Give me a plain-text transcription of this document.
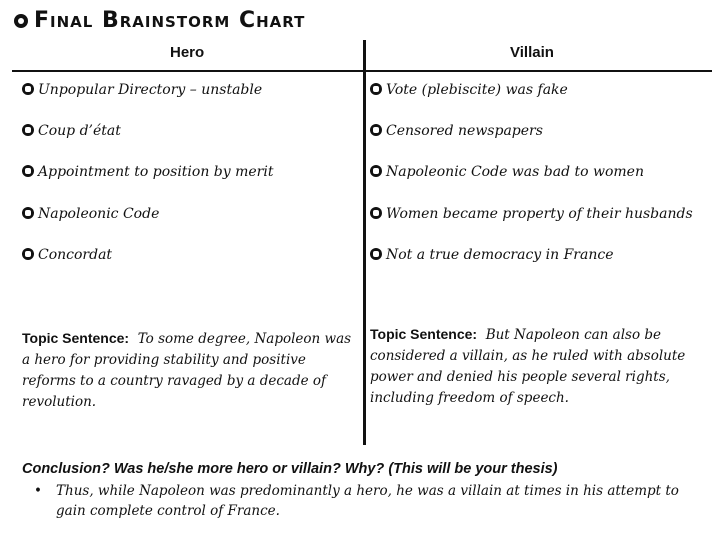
Final Brainstorm Chart
Hero	Villain
Unpopular Directory – unstable
Coup d’état
Appointment to position by merit
Napoleonic Code
Concordat
Vote (plebiscite) was fake
Censored newspapers
Napoleonic Code was bad to women
Women became property of their husbands
Not a true democracy in France
Topic Sentence: To some degree, Napoleon was a hero for providing stability and positive reforms to a country ravaged by a decade of revolution.
Topic Sentence: But Napoleon can also be considered a villain, as he ruled with absolute power and denied his people several rights, including freedom of speech.
Conclusion? Was he/she more hero or villain? Why? (This will be your thesis)
•	Thus, while Napoleon was predominantly a hero, he was a villain at times in his attempt to gain complete control of France.
